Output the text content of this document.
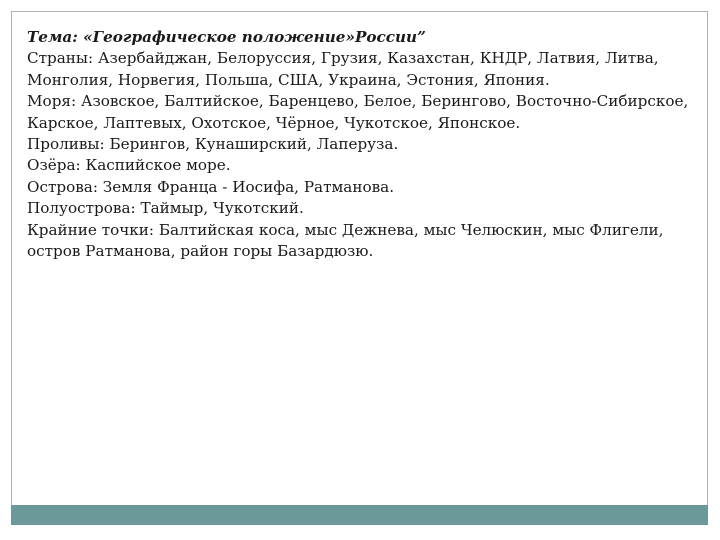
Тема: «Географическое положение»России”

Страны: Азербайджан, Белоруссия, Грузия, Казахстан, КНДР, Латвия, Литва, Монголия, Норвегия, Польша, США, Украина, Эстония, Япония.

Моря: Азовское, Балтийское, Баренцево, Белое, Берингово, Восточно-Сибирское, Карское, Лаптевых, Охотское, Чёрное, Чукотское, Японское.

Проливы: Берингов, Кунаширский, Лаперуза.

Озёра: Каспийское море.

Острова: Земля Франца - Иосифа, Ратманова.

Полуострова: Таймыр, Чукотский.

Крайние точки: Балтийская коса, мыс Дежнева, мыс Челюскин, мыс Флигели, остров Ратманова, район горы Базардюзю.
